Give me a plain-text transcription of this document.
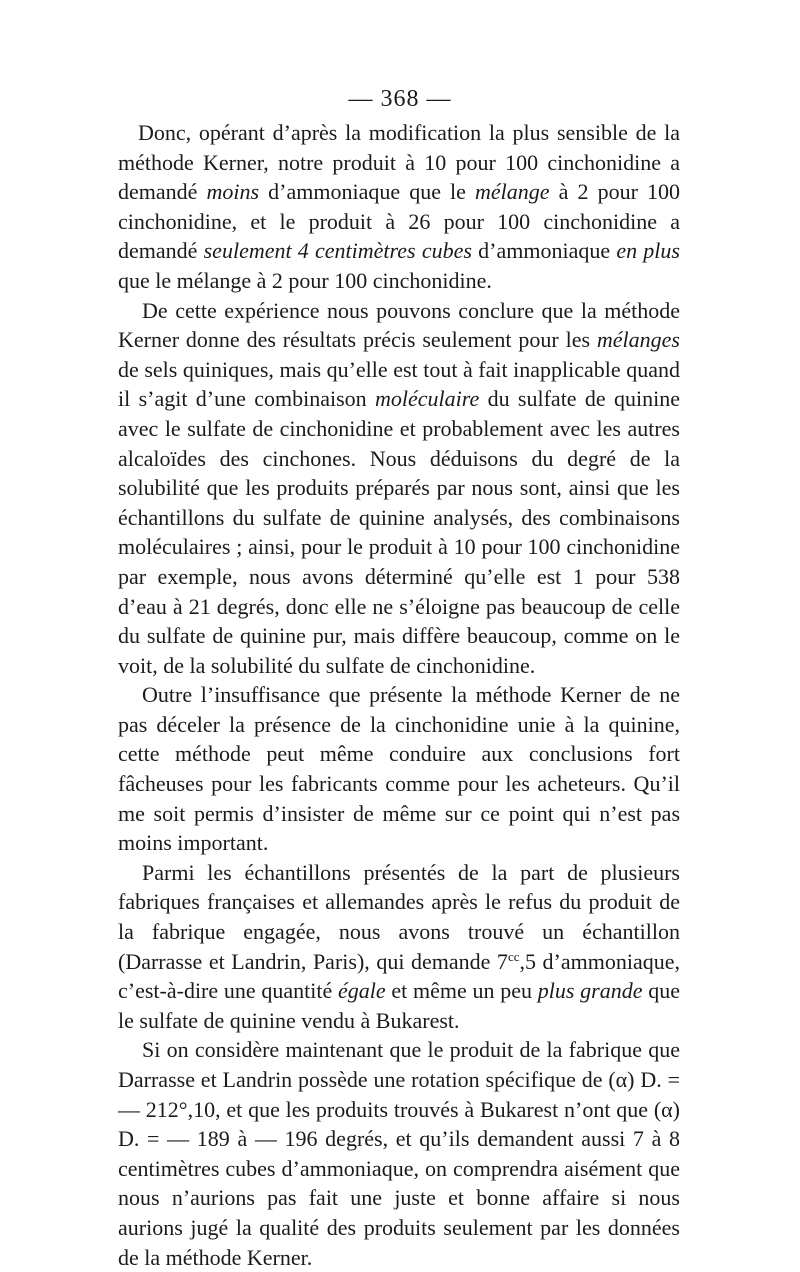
— 368 —

Donc, opérant d’après la modification la plus sensible de la méthode Kerner, notre produit à 10 pour 100 cinchonidine a demandé moins d’ammoniaque que le mélange à 2 pour 100 cinchonidine, et le produit à 26 pour 100 cinchonidine a demandé seulement 4 centimètres cubes d’ammoniaque en plus que le mélange à 2 pour 100 cinchonidine.

De cette expérience nous pouvons conclure que la méthode Kerner donne des résultats précis seulement pour les mélanges de sels quiniques, mais qu’elle est tout à fait inapplicable quand il s’agit d’une combinaison moléculaire du sulfate de quinine avec le sulfate de cinchonidine et probablement avec les autres alcaloïdes des cinchones. Nous déduisons du degré de la solubilité que les produits préparés par nous sont, ainsi que les échantillons du sulfate de quinine analysés, des combinaisons moléculaires ; ainsi, pour le produit à 10 pour 100 cinchonidine par exemple, nous avons déterminé qu’elle est 1 pour 538 d’eau à 21 degrés, donc elle ne s’éloigne pas beaucoup de celle du sulfate de quinine pur, mais diffère beaucoup, comme on le voit, de la solubilité du sulfate de cinchonidine.

Outre l’insuffisance que présente la méthode Kerner de ne pas déceler la présence de la cinchonidine unie à la quinine, cette méthode peut même conduire aux conclusions fort fâcheuses pour les fabricants comme pour les acheteurs. Qu’il me soit permis d’insister de même sur ce point qui n’est pas moins important.

Parmi les échantillons présentés de la part de plusieurs fabriques françaises et allemandes après le refus du produit de la fabrique engagée, nous avons trouvé un échantillon (Darrasse et Landrin, Paris), qui demande $7^{cc},5$ d’ammoniaque, c’est-à-dire une quantité égale et même un peu plus grande que le sulfate de quinine vendu à Bukarest.

Si on considère maintenant que le produit de la fabrique que Darrasse et Landrin possède une rotation spécifique de (α) D. =— 212°,10, et que les produits trouvés à Bukarest n’ont que (α) D. = — 189 à — 196 degrés, et qu’ils demandent aussi 7 à 8 centimètres cubes d’ammoniaque, on comprendra aisément que nous n’aurions pas fait une juste et bonne affaire si nous aurions jugé la qualité des produits seulement par les données de la méthode Kerner.
